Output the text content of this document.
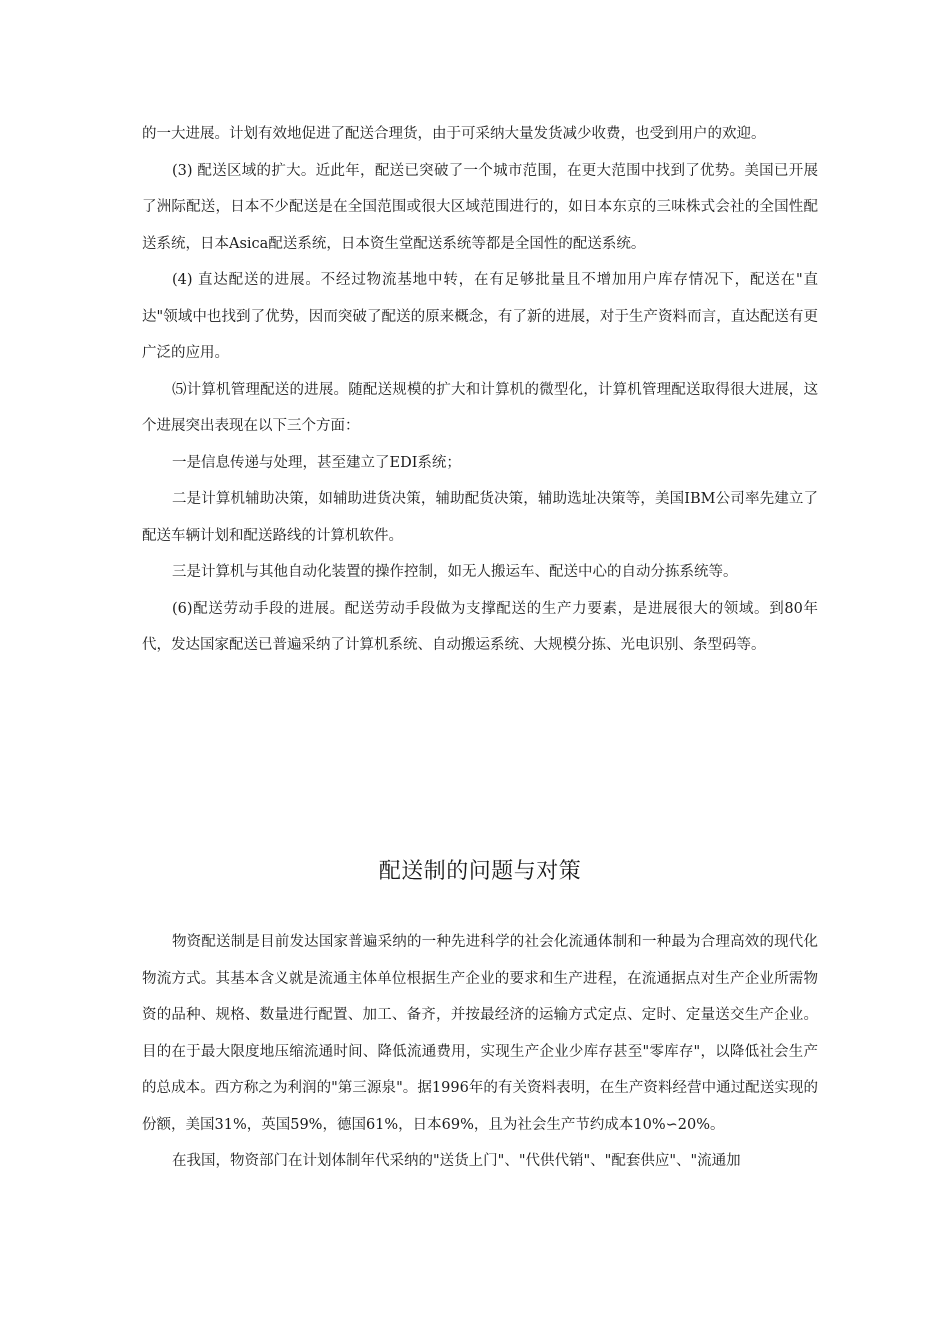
的一大进展。计划有效地促进了配送合理货，由于可采纳大量发货减少收费，也受到用户的欢迎。

(3) 配送区域的扩大。近此年，配送已突破了一个城市范围，在更大范围中找到了优势。美国已开展了洲际配送，日本不少配送是在全国范围或很大区域范围进行的，如日本东京的三味株式会社的全国性配送系统，日本Asica配送系统，日本资生堂配送系统等都是全国性的配送系统。

(4) 直达配送的进展。不经过物流基地中转，在有足够批量且不增加用户库存情况下，配送在"直达"领域中也找到了优势，因而突破了配送的原来概念，有了新的进展，对于生产资料而言，直达配送有更广泛的应用。

⑸计算机管理配送的进展。随配送规模的扩大和计算机的微型化，计算机管理配送取得很大进展，这个进展突出表现在以下三个方面：

一是信息传递与处理，甚至建立了EDI系统；

二是计算机辅助决策，如辅助进货决策，辅助配货决策，辅助选址决策等，美国IBM公司率先建立了配送车辆计划和配送路线的计算机软件。

三是计算机与其他自动化装置的操作控制，如无人搬运车、配送中心的自动分拣系统等。

(6)配送劳动手段的进展。配送劳动手段做为支撑配送的生产力要素，是进展很大的领域。到80年代，发达国家配送已普遍采纳了计算机系统、自动搬运系统、大规模分拣、光电识别、条型码等。

配送制的问题与对策

物资配送制是目前发达国家普遍采纳的一种先进科学的社会化流通体制和一种最为合理高效的现代化物流方式。其基本含义就是流通主体单位根据生产企业的要求和生产进程，在流通据点对生产企业所需物资的品种、规格、数量进行配置、加工、备齐，并按最经济的运输方式定点、定时、定量送交生产企业。目的在于最大限度地压缩流通时间、降低流通费用，实现生产企业少库存甚至"零库存"，以降低社会生产的总成本。西方称之为利润的"第三源泉"。据1996年的有关资料表明，在生产资料经营中通过配送实现的份额，美国31%，英国59%，德国61%，日本69%，且为社会生产节约成本10%∽20%。

在我国，物资部门在计划体制年代采纳的"送货上门"、"代供代销"、"配套供应"、"流通加
